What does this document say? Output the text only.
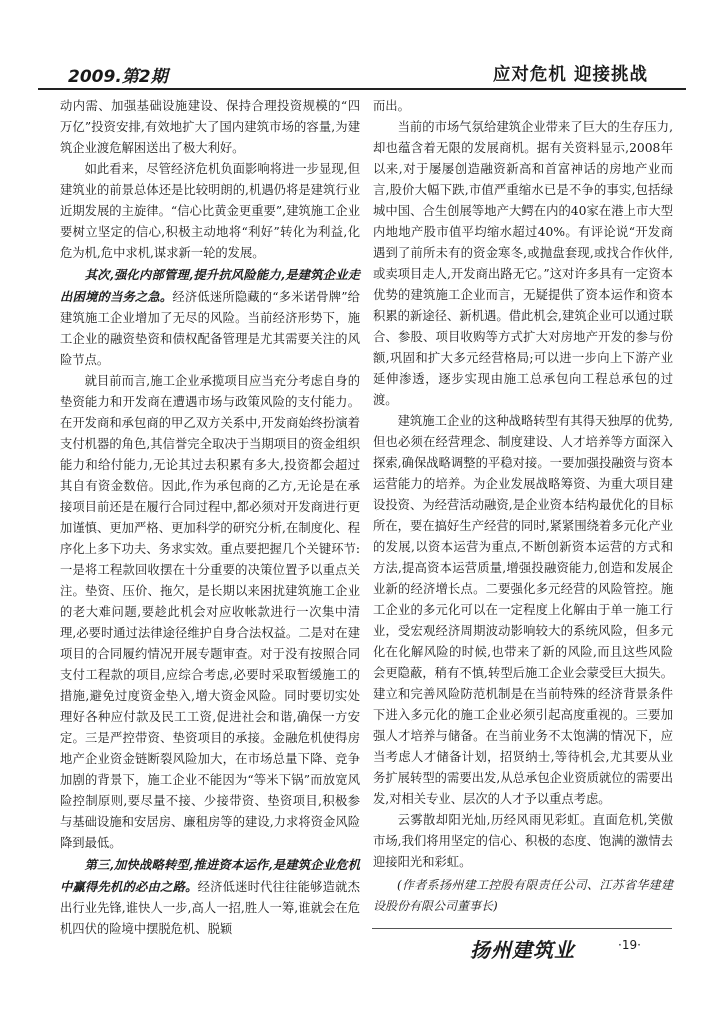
2009.第2期	应对危机 迎接挑战

动内需、加强基础设施建设、保持合理投资规模的“四万亿”投资安排,有效地扩大了国内建筑市场的容量,为建筑企业渡危解困送出了极大利好。

如此看来，尽管经济危机负面影响将进一步显现,但建筑业的前景总体还是比较明朗的,机遇仍将是建筑行业近期发展的主旋律。“信心比黄金更重要”,建筑施工企业要树立坚定的信心,积极主动地将“利好”转化为利益,化危为机,危中求机,谋求新一轮的发展。

其次,强化内部管理,提升抗风险能力,是建筑企业走出困境的当务之急。经济低迷所隐藏的“多米诺骨牌”给建筑施工企业增加了无尽的风险。当前经济形势下，施工企业的融资垫资和债权配备管理是尤其需要关注的风险节点。

就目前而言,施工企业承揽项目应当充分考虑自身的垫资能力和开发商在遭遇市场与政策风险的支付能力。在开发商和承包商的甲乙双方关系中,开发商始终扮演着支付机器的角色,其信誉完全取决于当期项目的资金组织能力和给付能力,无论其过去积累有多大,投资都会超过其自有资金数倍。因此,作为承包商的乙方,无论是在承接项目前还是在履行合同过程中,都必须对开发商进行更加谨慎、更加严格、更加科学的研究分析,在制度化、程序化上多下功夫、务求实效。重点要把握几个关键环节:一是将工程款回收摆在十分重要的决策位置予以重点关注。垫资、压价、拖欠，是长期以来困扰建筑施工企业的老大难问题,要趁此机会对应收帐款进行一次集中清理,必要时通过法律途径维护自身合法权益。二是对在建项目的合同履约情况开展专题审查。对于没有按照合同支付工程款的项目,应综合考虑,必要时采取暂缓施工的措施,避免过度资金垫入,增大资金风险。同时要切实处理好各种应付款及民工工资,促进社会和谐,确保一方安定。三是严控带资、垫资项目的承接。金融危机使得房地产企业资金链断裂风险加大，在市场总量下降、竞争加剧的背景下，施工企业不能因为“等米下锅”而放宽风险控制原则,要尽量不接、少接带资、垫资项目,积极参与基础设施和安居房、廉租房等的建设,力求将资金风险降到最低。

第三,加快战略转型,推进资本运作,是建筑企业危机中赢得先机的必由之路。经济低迷时代往往能够造就杰出行业先锋,谁快人一步,高人一招,胜人一筹,谁就会在危机四伏的险境中摆脱危机、脱颖

而出。

当前的市场气氛给建筑企业带来了巨大的生存压力,却也蕴含着无限的发展商机。据有关资料显示,2008年以来,对于屡屡创造融资新高和首富神话的房地产业而言,股价大幅下跌,市值严重缩水已是不争的事实,包括绿城中国、合生创展等地产大鳄在内的40家在港上市大型内地地产股市值平均缩水超过40%。有评论说“开发商遇到了前所未有的资金寒冬,或抛盘套现,或找合作伙伴,或卖项目走人,开发商出路无它。”这对许多具有一定资本优势的建筑施工企业而言，无疑提供了资本运作和资本积累的新途径、新机遇。借此机会,建筑企业可以通过联合、参股、项目收购等方式扩大对房地产开发的参与份额,巩固和扩大多元经营格局;可以进一步向上下游产业延伸渗透，逐步实现由施工总承包向工程总承包的过渡。

建筑施工企业的这种战略转型有其得天独厚的优势,但也必须在经营理念、制度建设、人才培养等方面深入探索,确保战略调整的平稳对接。一要加强投融资与资本运营能力的培养。为企业发展战略筹资、为重大项目建设投资、为经营活动融资,是企业资本结构最优化的目标所在，要在搞好生产经营的同时,紧紧围绕着多元化产业的发展,以资本运营为重点,不断创新资本运营的方式和方法,提高资本运营质量,增强投融资能力,创造和发展企业新的经济增长点。二要强化多元经营的风险管控。施工企业的多元化可以在一定程度上化解由于单一施工行业，受宏观经济周期波动影响较大的系统风险，但多元化在化解风险的时候,也带来了新的风险,而且这些风险会更隐蔽，稍有不慎,转型后施工企业会蒙受巨大损失。建立和完善风险防范机制是在当前特殊的经济背景条件下进入多元化的施工企业必须引起高度重视的。三要加强人才培养与储备。在当前业务不太饱满的情况下，应当考虑人才储备计划，招贤纳士,等待机会,尤其要从业务扩展转型的需要出发,从总承包企业资质就位的需要出发,对相关专业、层次的人才予以重点考虑。

云雾散却阳光灿,历经风雨见彩虹。直面危机,笑傲市场,我们将用坚定的信心、积极的态度、饱满的激情去迎接阳光和彩虹。

(作者系扬州建工控股有限责任公司、江苏省华建建设股份有限公司董事长)

扬州建筑业	·19·
